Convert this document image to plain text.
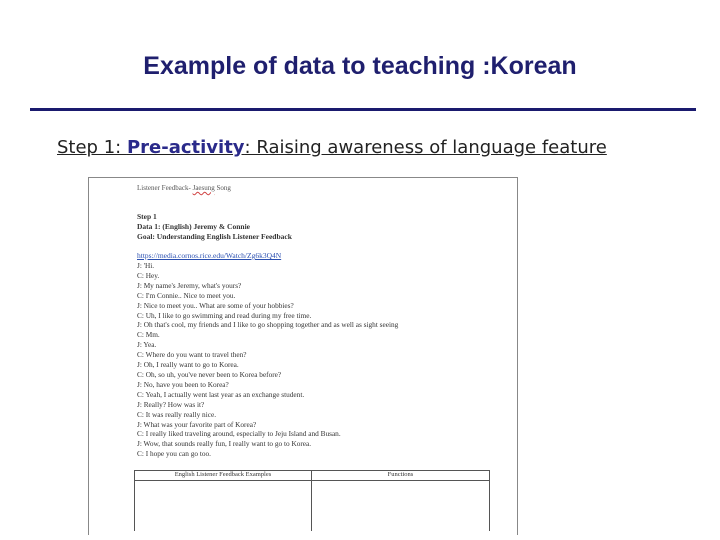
Example of data to teaching :Korean
Step 1: Pre-activity: Raising awareness of language feature
Listener Feedback- Jaesung Song
Step 1
Data 1: (English) Jeremy & Connie
Goal: Understanding English Listener Feedback
https://media.cornos.rice.edu/Watch/Zg6k3Q4N
J: 'Hi.
C: Hey.
J: My name's Jeremy, what's yours?
C: I'm Connie.. Nice to meet you.
J: Nice to meet you.. What are some of your hobbies?
C: Uh, I like to go swimming and read during my free time.
J: Oh that's cool, my friends and I like to go shopping together and as well as sight seeing
C: Mm.
J: Yea.
C: Where do you want to travel then?
J: Oh, I really want to go to Korea.
C: Oh, so uh, you've never been to Korea before?
J: No, have you been to Korea?
C: Yeah, I actually went last year as an exchange student.
J: Really? How was it?
C: It was really really nice.
J: What was your favorite part of Korea?
C: I really liked traveling around, especially to Jeju Island and Busan.
J: Wow, that sounds really fun, I really want to go to Korea.
C: I hope you can go too.
English Listener Feedback Examples	Functions
